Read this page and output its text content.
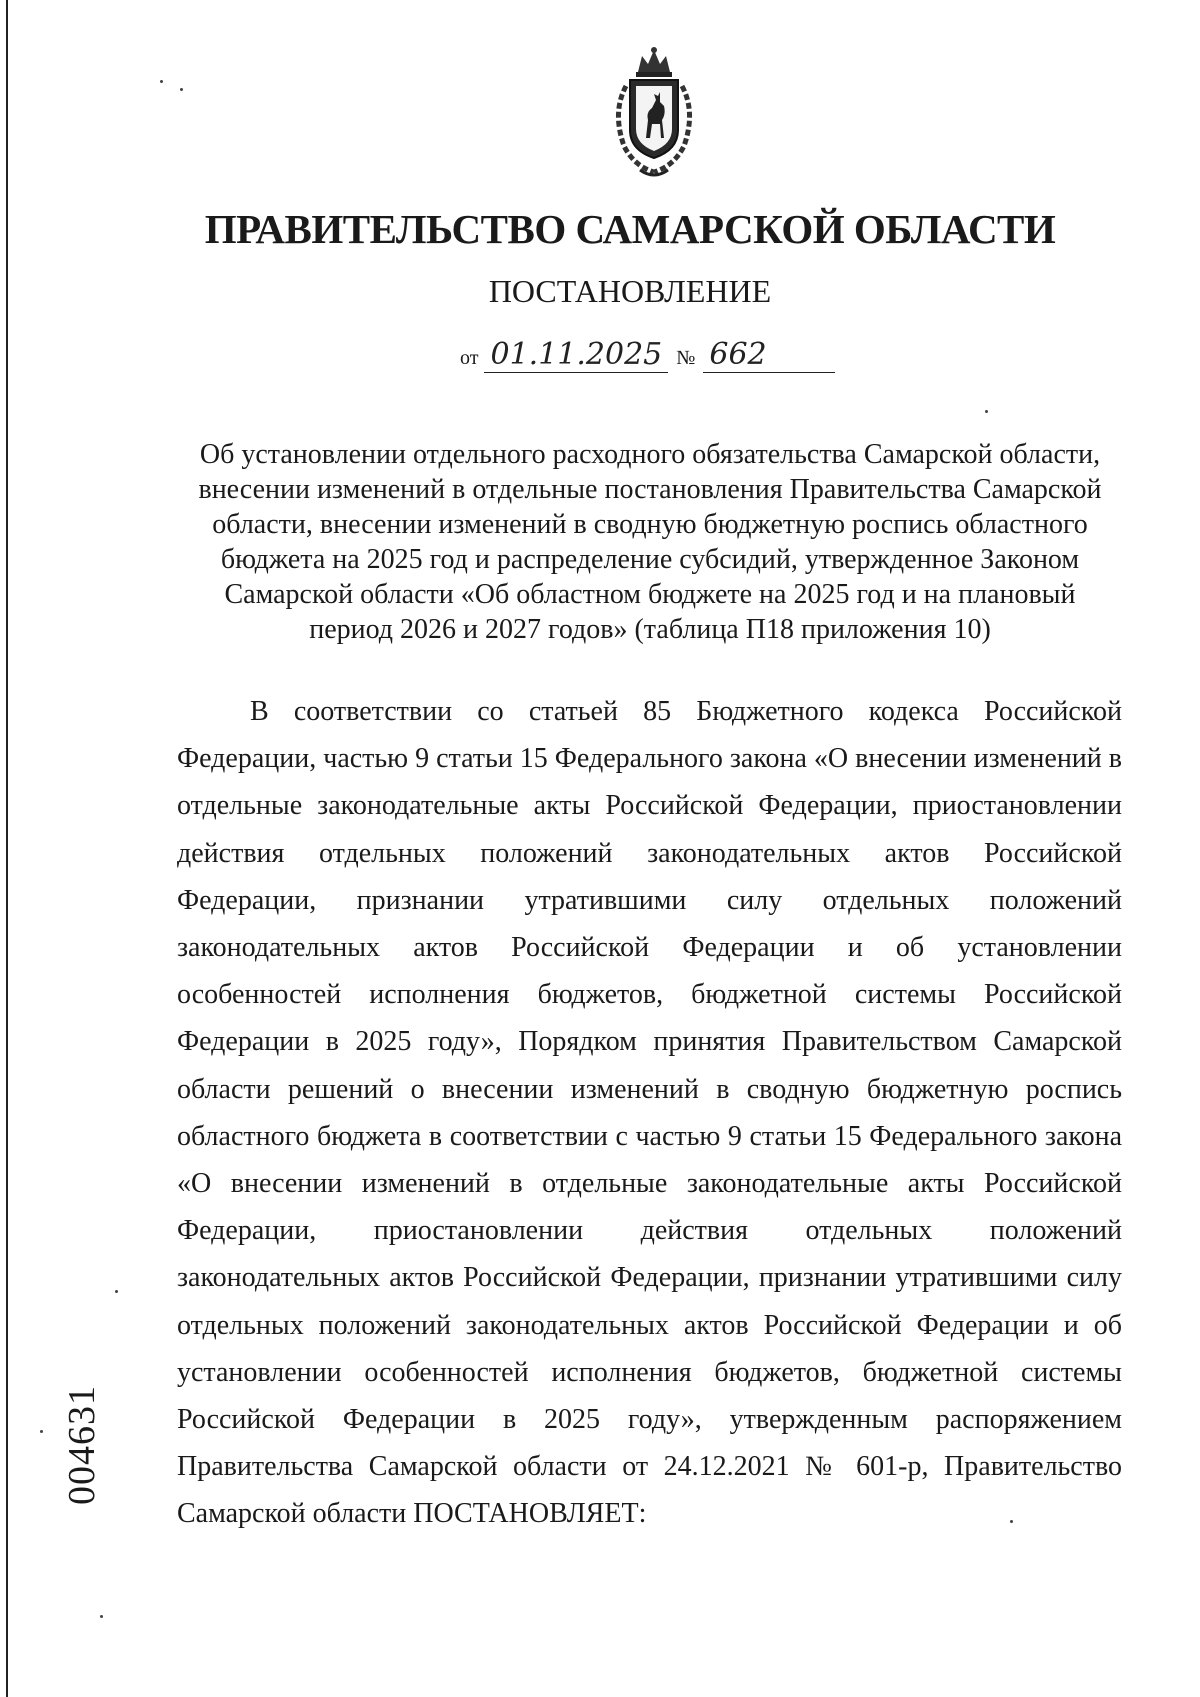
ПРАВИТЕЛЬСТВО САМАРСКОЙ ОБЛАСТИ
ПОСТАНОВЛЕНИЕ
от 01.11.2025 № 662
Об установлении отдельного расходного обязательства Самарской области, внесении изменений в отдельные постановления Правительства Самарской области, внесении изменений в сводную бюджетную роспись областного бюджета на 2025 год и распределение субсидий, утвержденное Законом Самарской области «Об областном бюджете на 2025 год и на плановый период 2026 и 2027 годов» (таблица П18 приложения 10)

В соответствии со статьей 85 Бюджетного кодекса Российской Федерации, частью 9 статьи 15 Федерального закона «О внесении изменений в отдельные законодательные акты Российской Федерации, приостановлении действия отдельных положений законодательных актов Российской Федерации, признании утратившими силу отдельных положений законодательных актов Российской Федерации и об установлении особенностей исполнения бюджетов, бюджетной системы Российской Федерации в 2025 году», Порядком принятия Правительством Самарской области решений о внесении изменений в сводную бюджетную роспись областного бюджета в соответствии с частью 9 статьи 15 Федерального закона «О внесении изменений в отдельные законодательные акты Российской Федерации, приостановлении действия отдельных положений законодательных актов Российской Федерации, признании утратившими силу отдельных положений законодательных актов Российской Федерации и об установлении особенностей исполнения бюджетов, бюджетной системы Российской Федерации в 2025 году», утвержденным распоряжением Правительства Самарской области от 24.12.2021 № 601-р, Правительство Самарской области ПОСТАНОВЛЯЕТ:

004631
